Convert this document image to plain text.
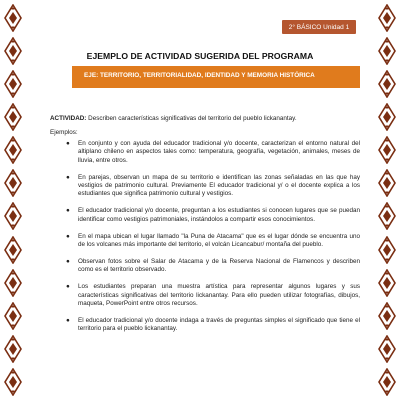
2° BÁSICO Unidad 1
EJEMPLO DE ACTIVIDAD SUGERIDA DEL PROGRAMA
EJE: TERRITORIO, TERRITORIALIDAD, IDENTIDAD Y MEMORIA HISTÓRICA

ACTIVIDAD: Describen características significativas del territorio del pueblo lickanantay.

Ejemplos:

● En conjunto y con ayuda del educador tradicional y/o docente, caracterizan el entorno natural del altiplano chileno en aspectos tales como: temperatura, geografía, vegetación, animales, meses de lluvia, entre otros.
● En parejas, observan un mapa de su territorio e identifican las zonas señaladas en las que hay vestigios de patrimonio cultural. Previamente El educador tradicional y/ o el docente explica a los estudiantes que significa patrimonio cultural y vestigios.
● El educador tradicional y/o docente, preguntan a los estudiantes si conocen lugares que se puedan identificar como vestigios patrimoniales, instándolos a compartir esos conocimientos.
● En el mapa ubican el lugar llamado "la Puna de Atacama" que es el lugar dónde se encuentra uno de los volcanes más importante del territorio, el volcán Licancabur/ montaña del pueblo.
● Observan fotos sobre el Salar de Atacama y de la Reserva Nacional de Flamencos y describen como es el territorio observado.
● Los estudiantes preparan una muestra artística para representar algunos lugares y sus características significativas del territorio lickanantay. Para ello pueden utilizar fotografías, dibujos, maqueta, PowerPoint entre otros recursos.
● El educador tradicional y/o docente indaga a través de preguntas simples el significado que tiene el territorio para el pueblo lickanantay.
